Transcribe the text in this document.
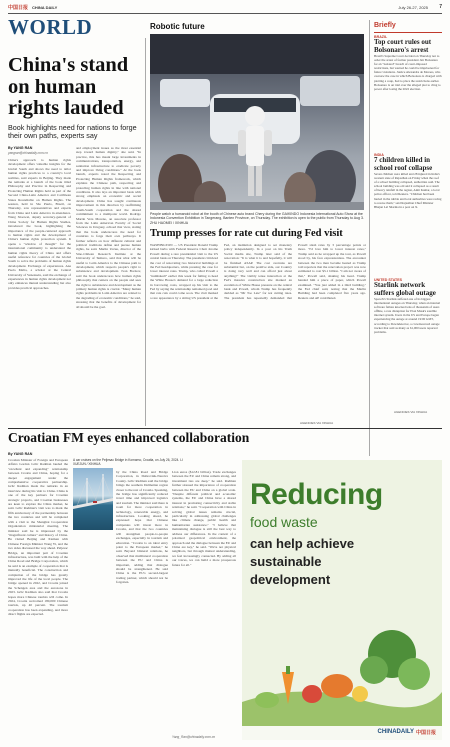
中国日报 CHINA DAILY	July 26-27, 2025 7
WORLD
China's stand
on human
rights lauded
Book highlights need for nations to forge their own paths, experts say
By YANG RAN
yangran@chinadaily.com.cn
China's approach to human rights development offers valuable insights for the Global South and shows the need to tailor human rights practices to a country's local realities, said experts in Beijing. They made the remarks at a launch of the book titled Philosophy and Practice in Respecting and Protecting Human Rights held as part of the Second China-Latin America and Caribbean States Roundtable on Human Rights. The session, held in São Paulo, Brazil, on Thursday, saw representatives and experts from China and Latin America in attendance. Wang Xiaowei, deputy secretary-general of China Society for Human Rights Studies, introduced the book, highlighting the importance of the people-centered approach to human rights and the development of China's human rights protection system. It opens a "window of thought" for the international community to understand the human rights theory of China and offers useful reference for countries of the Global South to solve the problems of human rights development. Exchange of experiences. Ana Paola Malta, a scholar at the Central University of Venezuela, said the exchange of experiences in human rights development not only enhances mutual understanding but also provides practical approaches.
and employment issues as the most essential step toward human dignity," she said. "In practice, this has meant large investments in communications, transportation, energy, and sanitation infrastructure to eradicate poverty and improve living conditions." At the book launch, experts noted the Respecting and Protecting Human Rights framework, which explains the Chinese path, respecting and protecting human rights in line with national conditions. It also lays an important basis with strong emphasis on economic and social development. China has sought continuous improvement in this direction by reaffirming South-South cooperation and the shared commitment to a multipolar world. Rodrigo Martin Vera Moreno, an associate professor from the Latin American Faculty of Social Sciences in Uruguay, echoed that view, stating that the book underscores the need for countries to forge their own pathways. It further reflects on how different cultural and political traditions define and pursue human rights, he said. Martin Urzua, director of the Sino-Chilean Research Institute at the University of Temuco, said that what will be useful to Latin America is the Chinese path to development, which respects people's right to subsistence and development. Ivan Borisov, said the book underscores how human rights philosophy that centers on the people and sees the right to subsistence and development as the primary human rights is crucial. "Many human rights problems in Latin America are related to the degrading of economic conditions," he said, stressing that the benefits of development for all should be the goal.
Robotic future
People watch a humanoid robot at the booth of Chinese auto brand Chery during the GAIKINDO Indonesia International Auto Show at the Indonesia Convention Exhibition in Tangerang, Banten Province, on Thursday. The exhibition is open to the public from Thursday to Aug 3. ZHU HAOMEI / XINHUA
Trump presses for rate cut during Fed visit
WASHINGTON — US President Donald Trump kicked barbs with Federal Reserve Chair Jerome Powell during a rare presidential visit to the US central bank on Thursday. The president criticized the cost of renovating two historical buildings at the Fed headquarters, while pressing the case for lower interest rates. Trump, who called Powell a "numbskull" earlier this week for failing to heed the White House's demand for a large reduction in borrowing costs, wrapped up his visit to the Fed by saying the relationship remained good and that rate cuts could come soon. The visit marked a rare appearance by a sitting US president at the Fed, an institution designed to set monetary policy independently. In a post on his Truth Social media site, Trump later said of the renovation: "It is what it is and hopefully, it will be finished ASAP. The cost overruns are substantial but, on the positive side, our Country is doing very well and can afford just about anything!" The visibly tense interaction at the Fed's massive construction site marked an escalation of White House pressure on the central bank and Powell, whom Trump has frequently derided as "Mr Too Late" for not cutting rates. The president has repeatedly demanded that Powell slash rates by 3 percentage points or more. "I'd love him to lower interest rates," Trump said as he wrapped up the tour, as Powell stood by, his face expressionless. The encounter between the two men became heated as Trump told reporters that the renovation project was now estimated to cost $3.1 billion. "I am not aware of that," Powell said, shaking his head. Trump handed him a piece of paper, which Powell examined. "You just added in a third building," the Fed chief said, noting that the Martin Building had been completed five years ago. Reuters and AP contributed.
AGENCIES VIA XINHUA
Briefly
BRAZIL
Top court rules out Bolsonaro's arrest
Brazil's Supreme Court decided on Thursday not to order the arrest of former president Jair Bolsonaro for an "isolated" breach of court-imposed restrictions, but warned he could be imprisoned for future violations. Justice Alexandre de Moraes, who oversaw the case in which Bolsonaro is charged with plotting a coup, had to place the restrictions earlier. Bolsonaro is on trial over the alleged plot to cling to power after losing the 2022 election.
INDIA
7 children killed in school roof collapse
Seven children were killed and 28 injured in India's western state of Rajasthan on Friday when the roof of a school building collapsed, authorities said. The school building was old and it collapsed as a result of heavy rainfall in the region, Amit Kumar, a local police officer, told Reuters. "Children had been buried in the rubble and local authorities were racing to rescue them," said Rajasthan Chief Minister Bhajan Lal Sharma in a post on X.
UNITED STATES
Starlink network suffers global outage
SpaceX's Starlink suffered one of its biggest international outages on Thursday, when an internal software failure knocked tens of thousands of users offline, a rare disruption for Elon Musk's satellite internet system. Users in the US and Europe began experiencing the outage at around 19:00 GMT, according to Downdetector, a crowdsourced outage tracker that said as many as 61,000 users reported problems.
AGENCIES VIA XINHUA
Croatian FM eyes enhanced collaboration
By YANG RAN
Croatian Minister of Foreign and European Affairs Gordan Grlic Radman lauded the "excellent and expanding" relationship between Croatia and China, hoping for a deeper engagement under the comprehensive cooperative partnership. Grlic Radman made the remarks in an interview during his visit to China. China is one of the key partners for Croatian strategic projects, and Croatian businesses are keen to explore the China market, he said. Grlic Radman's visit was to mark the fifth anniversary of the partnership between the two countries and will be completed with a visit to the Shanghai Cooperation Organization ministerial meeting. The minister said he is impressed by the "magnificent culture" and history of China. He visited Beijing and Xiamen with Chinese Foreign Minister Wang Yi, and the two sides discussed the way ahead. Peljesac Bridge, an important part of Croatian infrastructure, was built with the help of the China Road and Bridge Corporation, which he said is an example of cooperation that is mutually beneficial. The construction and completion of the bridge has greatly improved the life of the local people. The bridge opened in 2022, and Croatia joined the Schengen area and the eurozone in 2023. Grlic Radman also said that Croatia hopes more Chinese tourists will come. In 2024, Croatia welcomed 180,000 Chinese tourists, up 40 percent. The tourism cooperation has been expanding, and more direct flights are expected.
A car cruises on the Peljesac Bridge in Komarno, Croatia, on July 26, 2024. LI XUEJUN / XINHUA
by the China Road and Bridge Corporation, in Dubrovnik-Neretva County. Grlic Radman said the bridge brings the southern Dalmatian region closer to the rest of Croatia. Speaking, the bridge has significantly reduced travel time and improved logistics and tourism. The minister said there is room for more cooperation in technology, renewable energy, and infrastructure. Looking ahead, he expressed hope that Chinese companies will invest more in Croatia, and that the two countries will strengthen people-to-people exchanges, especially in tourism and education. "Croatia is an ideal entry point to the European market," he said. Beyond bilateral relations, he observed that multilateral cooperation between the EU and China is important, adding that dialogue should be strengthened. He said China is the EU's second-largest trading partner, which should not be forgotten.
Lion euros ($12.81 billion). Trade exchanges between the EU and China remain strong, and investment ties are deep," he said. Radman further stressed the importance of cooperation between the EU and China on a global scale. "Despite different political and economic systems, the EU and China have a shared interest in promoting connectivity and stable relations," he said. "Cooperation with China in solving global issues remains crucial, particularly in addressing global challenges like climate change, public health and humanitarian assistance." "I believe that maintaining dialogue is still the best way to address our differences. In the context of a polarized geopolitical environment, the approach and the dialogue between the EU and China are key," he said. "We're not physical neighbors, but through mutual understanding, we feel increasingly connected. By adding all our voices, we can build a more prosperous future for all."
Yang_Ran@chinadaily.com.cn
Reducing
food waste
can help achieve
sustainable
development
CHINADAILY 中国日报
